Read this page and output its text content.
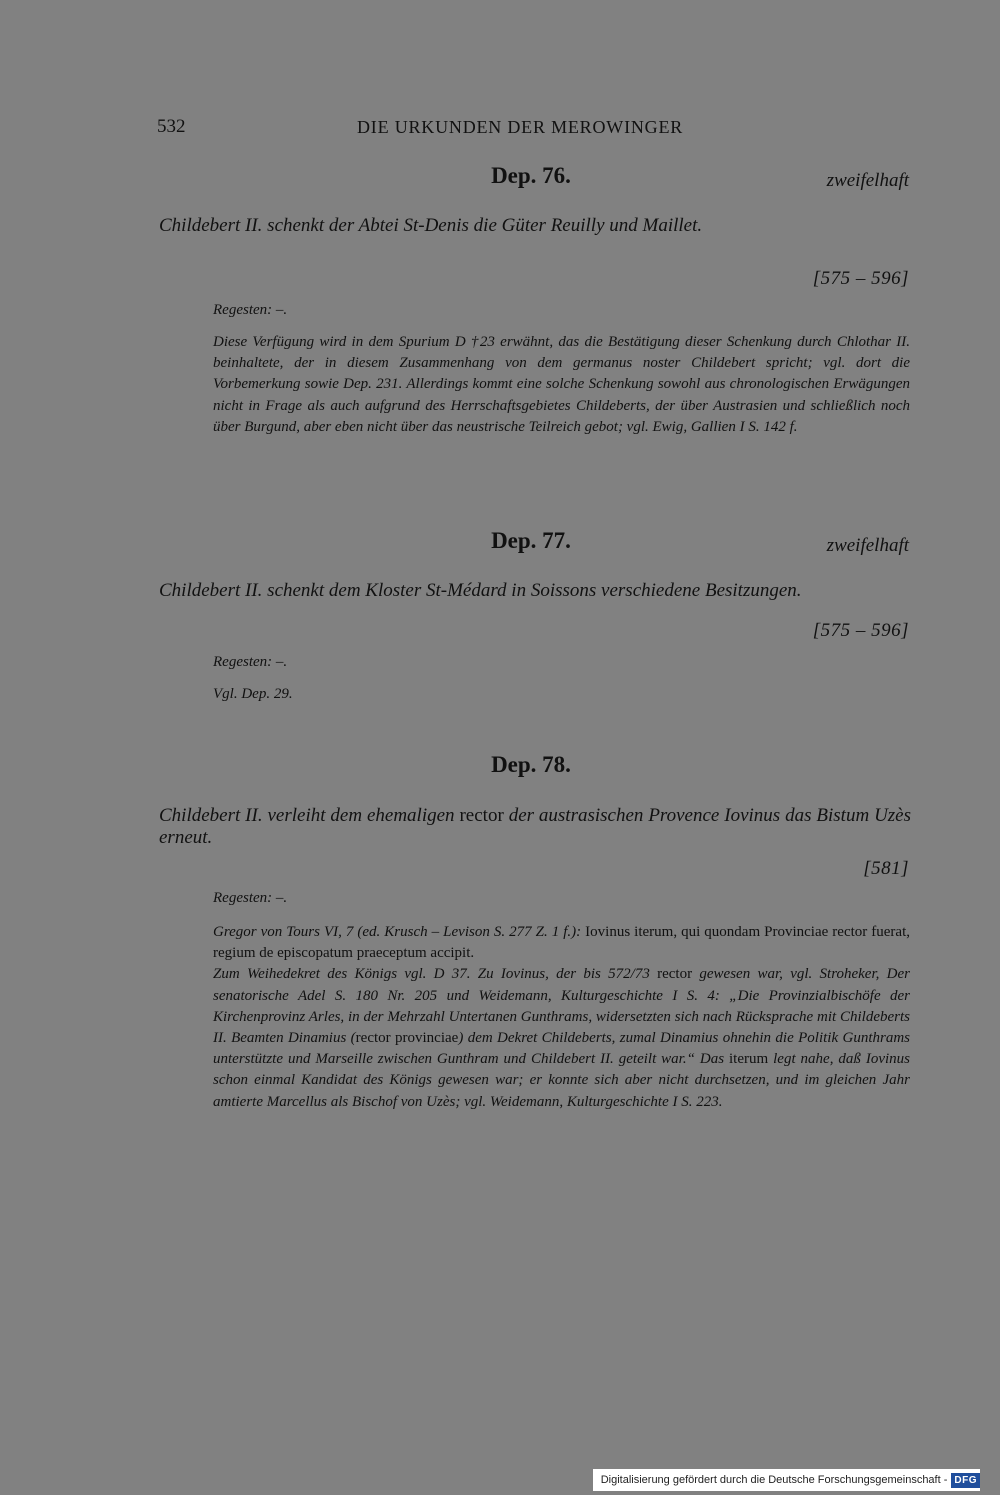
532	DIE URKUNDEN DER MEROWINGER
Dep. 76.	zweifelhaft
Childebert II. schenkt der Abtei St-Denis die Güter Reuilly und Maillet.
[575 – 596]
Regesten: –.
Diese Verfügung wird in dem Spurium D †23 erwähnt, das die Bestätigung dieser Schenkung durch Chlothar II. beinhaltete, der in diesem Zusammenhang von dem germanus noster Childebert spricht; vgl. dort die Vorbemerkung sowie Dep. 231. Allerdings kommt eine solche Schenkung sowohl aus chronologischen Erwägungen nicht in Frage als auch aufgrund des Herrschaftsgebietes Childeberts, der über Austrasien und schließlich noch über Burgund, aber eben nicht über das neustrische Teilreich gebot; vgl. Ewig, Gallien I S. 142 f.
Dep. 77.	zweifelhaft
Childebert II. schenkt dem Kloster St-Médard in Soissons verschiedene Besitzungen.
[575 – 596]
Regesten: –.
Vgl. Dep. 29.
Dep. 78.
Childebert II. verleiht dem ehemaligen rector der austrasischen Provence Iovinus das Bistum Uzès erneut.
[581]
Regesten: –.

Gregor von Tours VI, 7 (ed. Krusch – Levison S. 277 Z. 1 f.): Iovinus iterum, qui quondam Provinciae rector fuerat, regium de episcopatum praeceptum accipit.

Zum Weihedekret des Königs vgl. D 37. Zu Iovinus, der bis 572/73 rector gewesen war, vgl. Stroheker, Der senatorische Adel S. 180 Nr. 205 und Weidemann, Kulturgeschichte I S. 4: „Die Provinzialbischöfe der Kirchenprovinz Arles, in der Mehrzahl Untertanen Gunthrams, widersetzten sich nach Rücksprache mit Childeberts II. Beamten Dinamius (rector provinciae) dem Dekret Childeberts, zumal Dinamius ohnehin die Politik Gunthrams unterstützte und Marseille zwischen Gunthram und Childebert II. geteilt war.“ Das iterum legt nahe, daß Iovinus schon einmal Kandidat des Königs gewesen war; er konnte sich aber nicht durchsetzen, und im gleichen Jahr amtierte Marcellus als Bischof von Uzès; vgl. Weidemann, Kulturgeschichte I S. 223.

Digitalisierung gefördert durch die Deutsche Forschungsgemeinschaft - DFG
